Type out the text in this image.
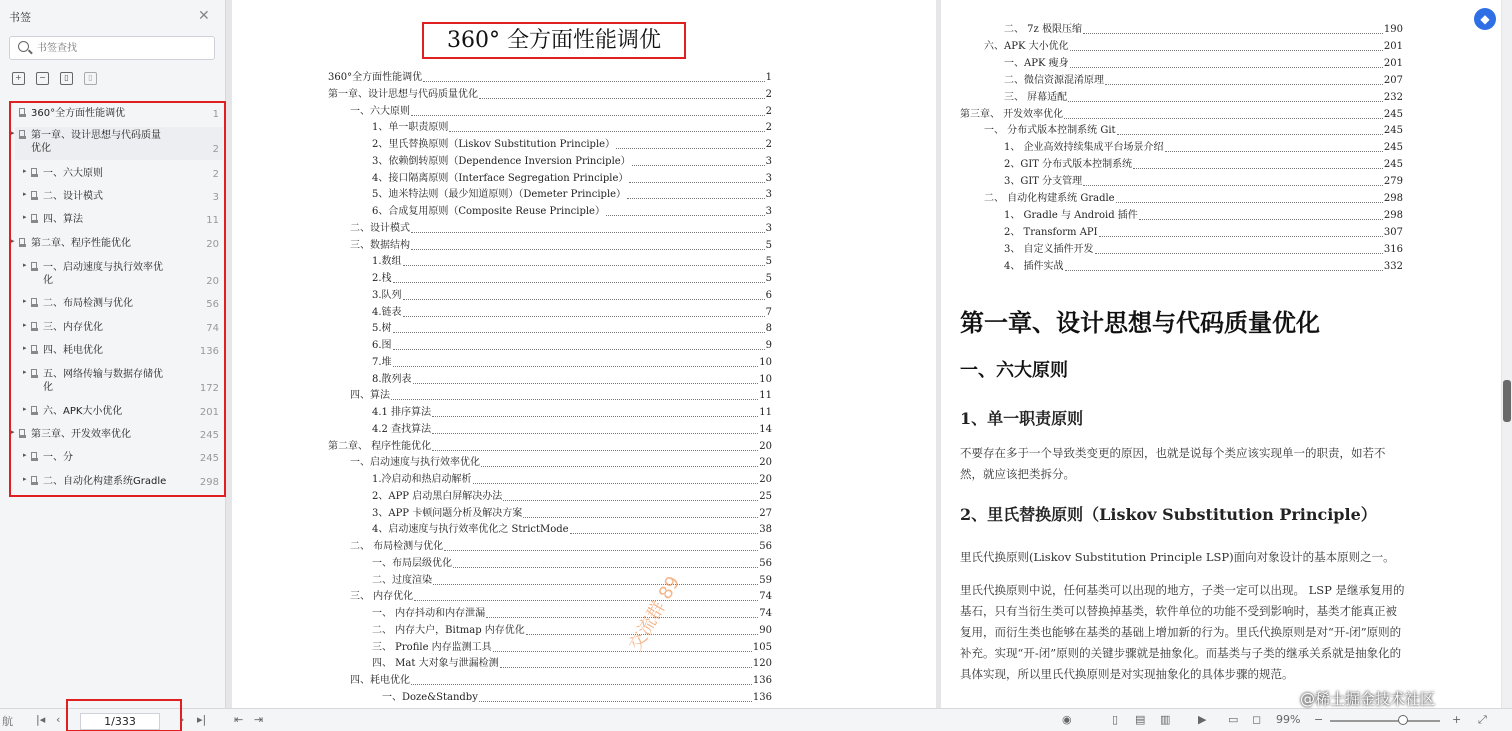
书签	✕
书签查找
+	−	▯	▯
360°全方面性能调优	1
▸ 第一章、设计思想与代码质量
优化	2
▸ 一、六大原则	2
▸ 二、设计模式	3
▸ 四、算法	11
▸ 第二章、程序性能优化	20
▸ 一、启动速度与执行效率优
化	20
▸ 二、布局检测与优化	56
▸ 三、内存优化	74
▸ 四、耗电优化	136
▸ 五、网络传输与数据存储优
化	172
▸ 六、APK大小优化	201
▸ 第三章、开发效率优化	245
▸ 一、分	245
▸ 二、自动化构建系统Gradle	298
360° 全方面性能调优
360°全方面性能调优	1
第一章、设计思想与代码质量优化	2
一、六大原则	2
1、单一职责原则	2
2、里氏替换原则（Liskov Substitution Principle）	2
3、依赖倒转原则（Dependence Inversion Principle）	3
4、接口隔离原则（Interface Segregation Principle）	3
5、迪米特法则（最少知道原则）（Demeter Principle）	3
6、合成复用原则（Composite Reuse Principle）	3
二、设计模式	3
三、数据结构	5
1.数组	5
2.栈	5
3.队列	6
4.链表	7
5.树	8
6.图	9
7.堆	10
8.散列表	10
四、算法	11
4.1 排序算法	11
4.2 查找算法	14
第二章、 程序性能优化	20
一、启动速度与执行效率优化	20
1.冷启动和热启动解析	20
2、APP 启动黑白屏解决办法	25
3、APP 卡顿问题分析及解决方案	27
4、启动速度与执行效率优化之 StrictMode	38
二、 布局检测与优化	56
一、布局层级优化	56
二、过度渲染	59
三、 内存优化	74
一、 内存抖动和内存泄漏	74
二、 内存大户，Bitmap 内存优化	90
三、 Profile 内存监测工具	105
四、 Mat 大对象与泄漏检测	120
四、耗电优化	136
一、Doze&Standby	136
交流群 89
二、 7z 极限压缩	190
六、APK 大小优化	201
一、APK 瘦身	201
二、微信资源混淆原理	207
三、 屏幕适配	232
第三章、 开发效率优化	245
一、 分布式版本控制系统 Git	245
1、 企业高效持续集成平台场景介绍	245
2、GIT 分布式版本控制系统	245
3、GIT 分支管理	279
二、 自动化构建系统 Gradle	298
1、 Gradle 与 Android 插件	298
2、 Transform API	307
3、 自定义插件开发	316
4、 插件实战	332
第一章、设计思想与代码质量优化
一、六大原则
1、单一职责原则
不要存在多于一个导致类变更的原因，也就是说每个类应该实现单一的职责，如若不然，就应该把类拆分。
2、里氏替换原则（Liskov Substitution Principle）
里氏代换原则(Liskov Substitution Principle LSP)面向对象设计的基本原则之一。
里氏代换原则中说，任何基类可以出现的地方，子类一定可以出现。 LSP 是继承复用的基石，只有当衍生类可以替换掉基类，软件单位的功能不受到影响时，基类才能真正被复用，而衍生类也能够在基类的基础上增加新的行为。里氏代换原则是对“开-闭”原则的补充。实现“开-闭”原则的关键步骤就是抽象化。而基类与子类的继承关系就是抽象化的具体实现，所以里氏代换原则是对实现抽象化的具体步骤的规范。
◆
航 |◂ ‹	1/333	› ▸|	⇤ ⇥	◉	▯ ▤ ▥	▶ ▭ ◻ 99% −	+ ⤢
@稀土掘金技术社区
